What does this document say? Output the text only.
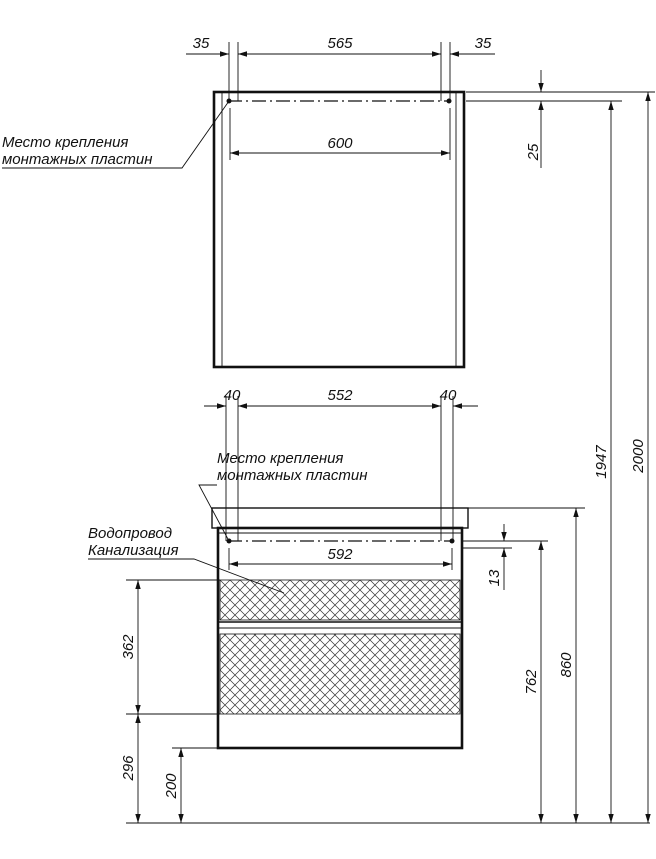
35	565	35
600	25
Место крепления
монтажных пластин
40	552	40
592
13
Место крепления
монтажных пластин
Водопровод
Канализация
362
296
200
762
860
1947 2000
